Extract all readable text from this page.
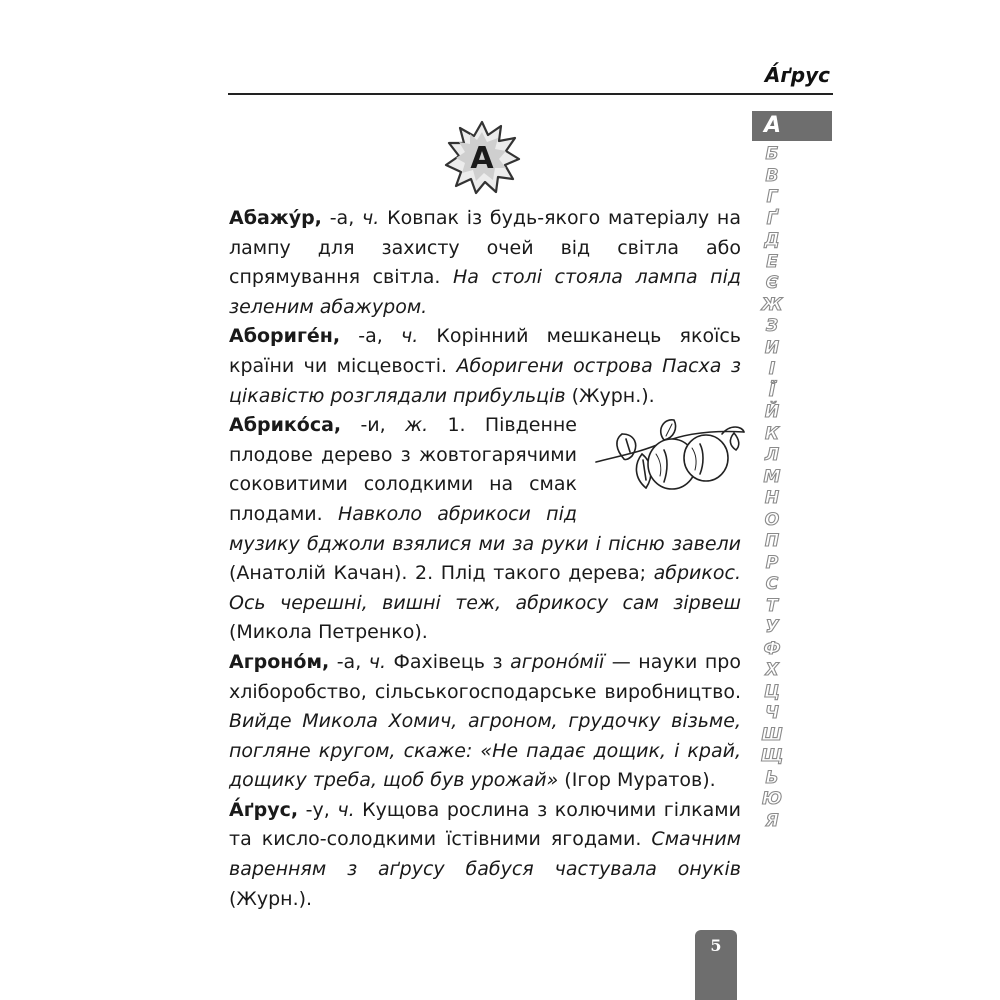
А́ґрус
А

Абажу́р, -а, ч. Ковпак із будь-якого матеріалу на лампу для захисту очей від світла або спрямування світла. На столі стояла лампа під зеленим абажуром.

Абориге́н, -а, ч. Корінний мешканець якоїсь країни чи місцевості. Аборигени острова Пасха з цікавістю розглядали прибульців (Журн.).

Абрико́са, -и, ж. 1. Південне плодове дерево з жовтогарячими соковитими солодкими на смак плодами. Навколо абрикоси під музику бджоли взялися ми за руки і пісню завели (Анатолій Качан). 2. Плід такого дерева; абрикос. Ось черешні, вишні теж, абрикосу сам зірвеш (Микола Петренко).

Агроно́м, -а, ч. Фахівець з агроно́мії — науки про хліборобство, сільськогосподарське виробництво. Вийде Микола Хомич, агроном, грудочку візьме, погляне кругом, скаже: «Не падає дощик, і край, дощику треба, щоб був урожай» (Ігор Муратов).

А́ґрус, -у, ч. Кущова рослина з колючими гілками та кисло-солодкими їстівними ягодами. Смачним варенням з аґрусу бабуся частувала онуків (Журн.).

А
Б
В
Г
Ґ
Д
Е
Є
Ж
З
И
І
Ї
Й
К
Л
М
Н
О
П
Р
С
Т
У
Ф
Х
Ц
Ч
Ш
Щ
Ь
Ю
Я
5
